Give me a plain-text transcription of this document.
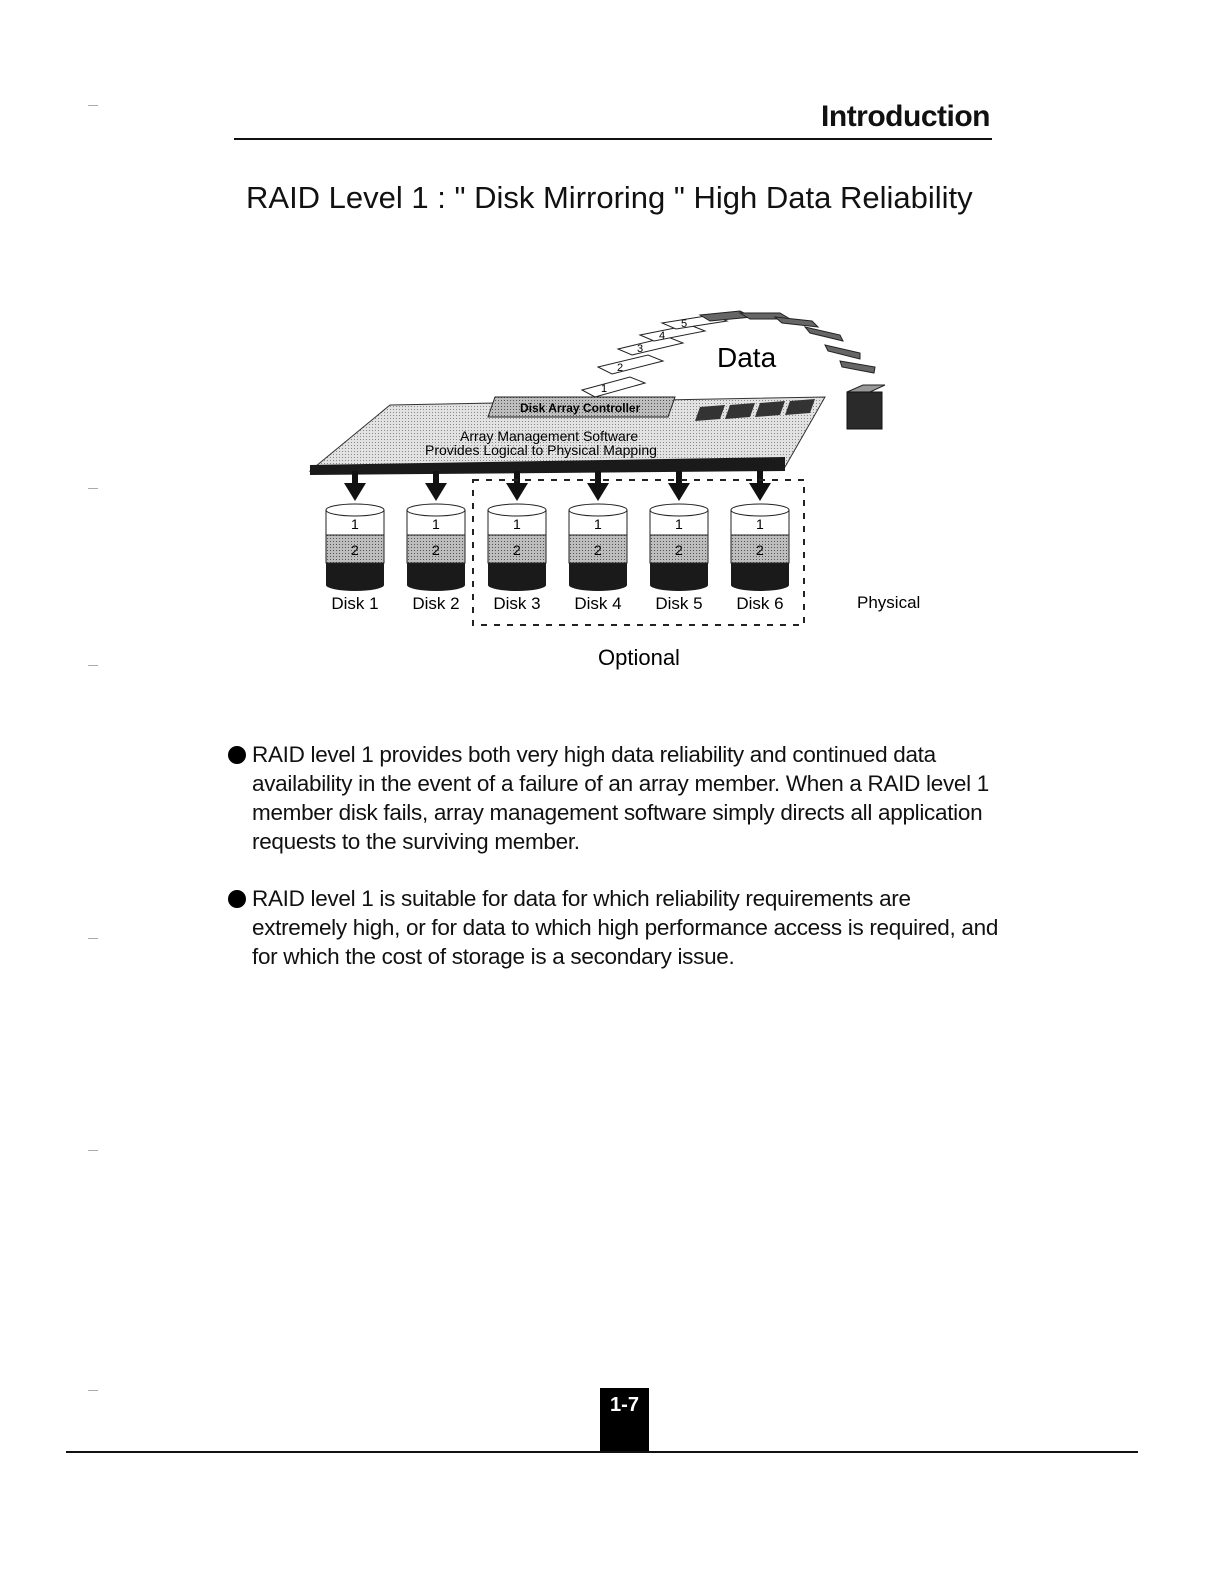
Introduction
RAID Level 1 : " Disk Mirroring " High Data Reliability
1
2
3
4
5
Data
Disk Array Controller
Array Management Software
Provides Logical to Physical Mapping
1
2
Disk 1
1
2
Disk 2
1
2
Disk 3
1
2
Disk 4
1
2
Disk 5
1
2
Disk 6	Physical
Optional
RAID level 1 provides both very high data reliability and continued data availability in the event of a failure of an array member. When a RAID level 1 member disk fails, array management software simply directs all application requests to the surviving member.
RAID level 1 is suitable for data for which reliability requirements are extremely high, or for data to which high performance access is required, and for which the cost of storage is a secondary issue.
1-7
